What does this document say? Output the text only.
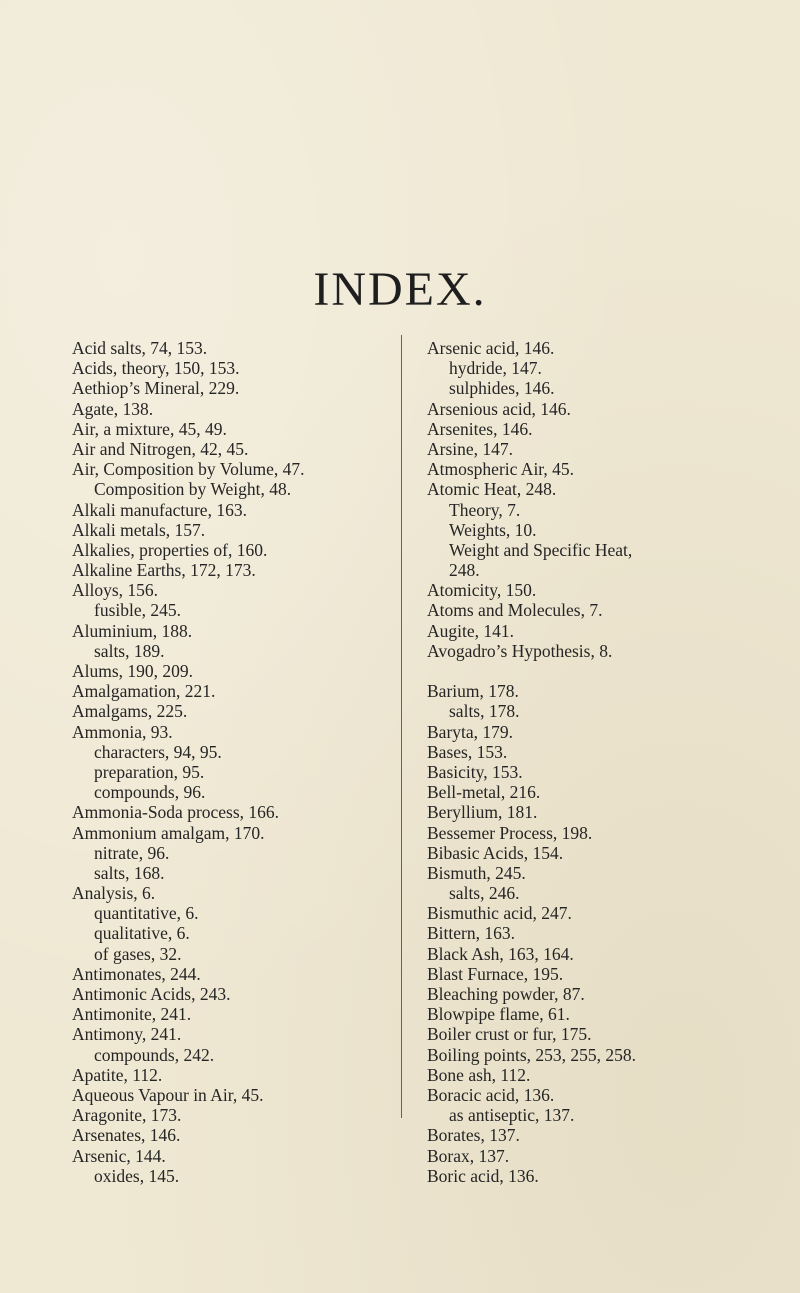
INDEX.
Acid salts, 74, 153.
Acids, theory, 150, 153.
Aethiop’s Mineral, 229.
Agate, 138.
Air, a mixture, 45, 49.
Air and Nitrogen, 42, 45.
Air, Composition by Volume, 47.
Composition by Weight, 48.
Alkali manufacture, 163.
Alkali metals, 157.
Alkalies, properties of, 160.
Alkaline Earths, 172, 173.
Alloys, 156.
fusible, 245.
Aluminium, 188.
salts, 189.
Alums, 190, 209.
Amalgamation, 221.
Amalgams, 225.
Ammonia, 93.
characters, 94, 95.
preparation, 95.
compounds, 96.
Ammonia-Soda process, 166.
Ammonium amalgam, 170.
nitrate, 96.
salts, 168.
Analysis, 6.
quantitative, 6.
qualitative, 6.
of gases, 32.
Antimonates, 244.
Antimonic Acids, 243.
Antimonite, 241.
Antimony, 241.
compounds, 242.
Apatite, 112.
Aqueous Vapour in Air, 45.
Aragonite, 173.
Arsenates, 146.
Arsenic, 144.
oxides, 145.
Arsenic acid, 146.
hydride, 147.
sulphides, 146.
Arsenious acid, 146.
Arsenites, 146.
Arsine, 147.
Atmospheric Air, 45.
Atomic Heat, 248.
Theory, 7.
Weights, 10.
Weight and Specific Heat,
248.
Atomicity, 150.
Atoms and Molecules, 7.
Augite, 141.
Avogadro’s Hypothesis, 8.
Barium, 178.
salts, 178.
Baryta, 179.
Bases, 153.
Basicity, 153.
Bell-metal, 216.
Beryllium, 181.
Bessemer Process, 198.
Bibasic Acids, 154.
Bismuth, 245.
salts, 246.
Bismuthic acid, 247.
Bittern, 163.
Black Ash, 163, 164.
Blast Furnace, 195.
Bleaching powder, 87.
Blowpipe flame, 61.
Boiler crust or fur, 175.
Boiling points, 253, 255, 258.
Bone ash, 112.
Boracic acid, 136.
as antiseptic, 137.
Borates, 137.
Borax, 137.
Boric acid, 136.
